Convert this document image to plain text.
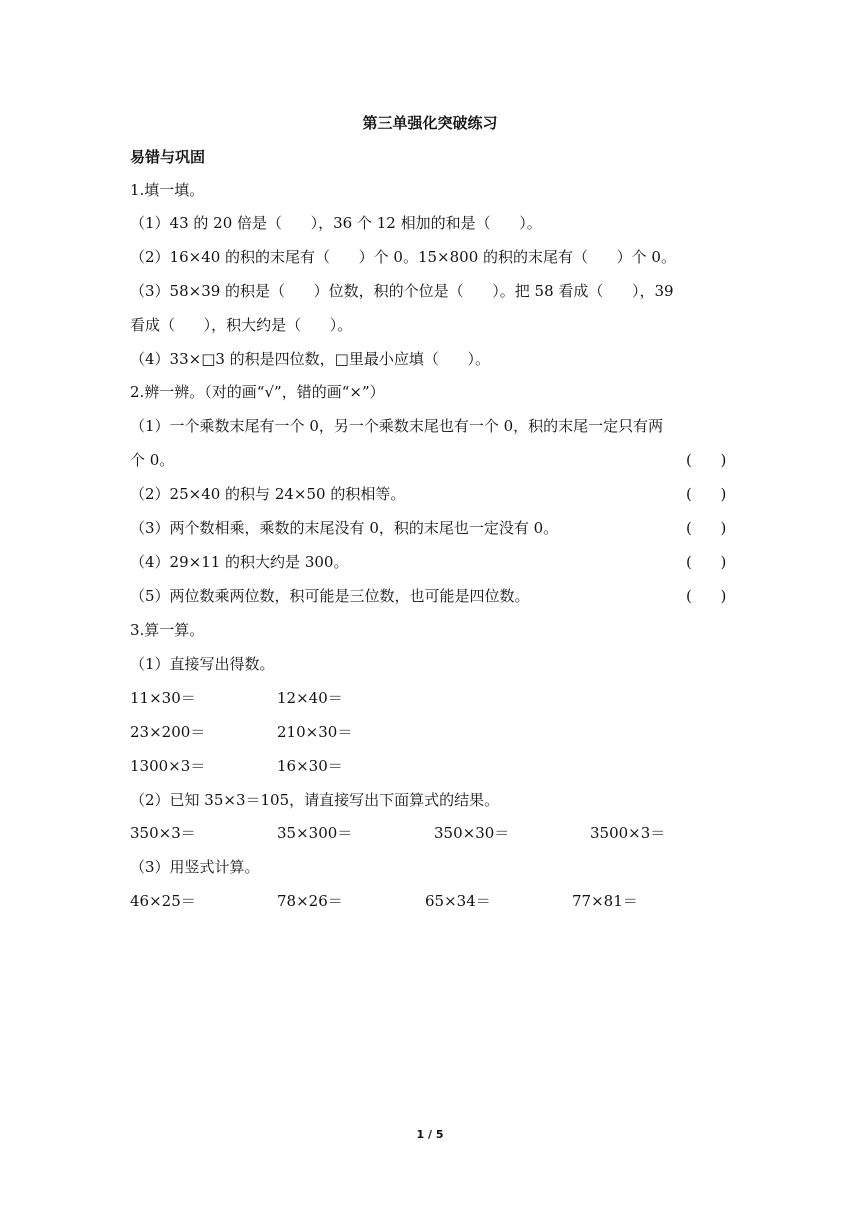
第三单强化突破练习
易错与巩固
1.填一填。
（1）43 的 20 倍是（      ），36 个 12 相加的和是（      ）。
（2）16×40 的积的末尾有（      ）个 0。15×800 的积的末尾有（      ）个 0。
（3）58×39 的积是（      ）位数，积的个位是（      ）。把 58 看成（      ），39
看成（      ），积大约是（      ）。
（4）33×□3 的积是四位数，□里最小应填（      ）。
2.辨一辨。（对的画“√”，错的画“×”）
（1）一个乘数末尾有一个 0，另一个乘数末尾也有一个 0，积的末尾一定只有两
个 0。	(      )
（2）25×40 的积与 24×50 的积相等。	(      )
（3）两个数相乘，乘数的末尾没有 0，积的末尾也一定没有 0。	(      )
（4）29×11 的积大约是 300。	(      )
（5）两位数乘两位数，积可能是三位数，也可能是四位数。	(      )
3.算一算。
（1）直接写出得数。
11×30＝	12×40＝
23×200＝	210×30＝
1300×3＝	16×30＝
（2）已知 35×3＝105，请直接写出下面算式的结果。
350×3＝	35×300＝	350×30＝	3500×3＝
（3）用竖式计算。
46×25＝	78×26＝	65×34＝	77×81＝
1 / 5
